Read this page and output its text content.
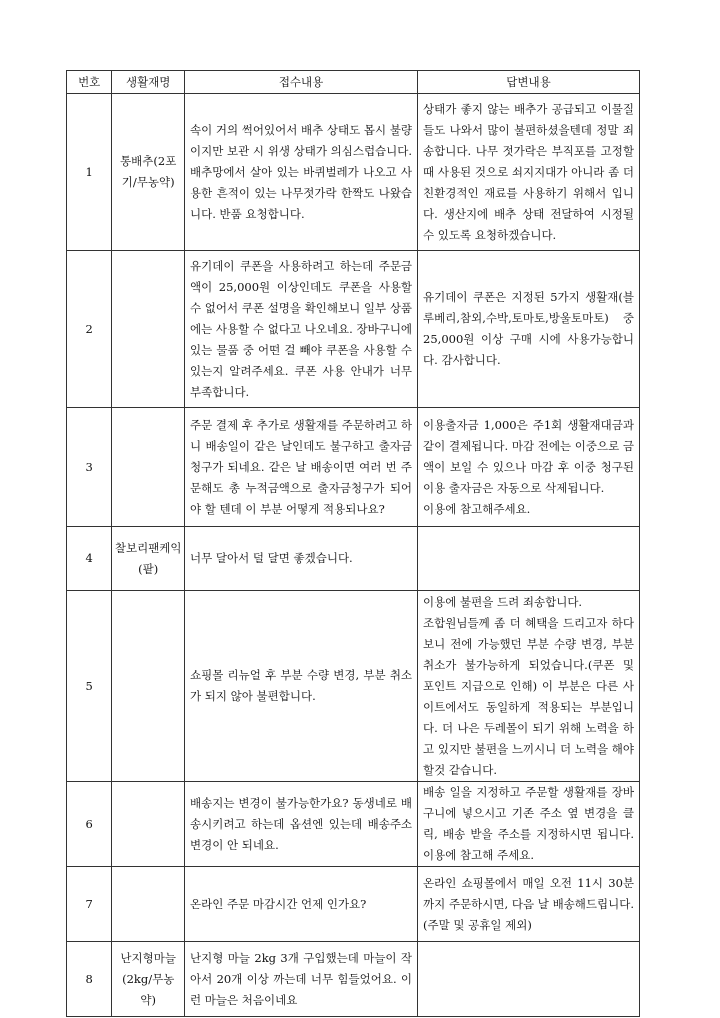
번호	생활재명	접수내용	답변내용
1	통배추(2포기/무농약)	속이 거의 썩어있어서 배추 상태도 몹시 불량이지만 보관 시 위생 상태가 의심스럽습니다. 배추망에서 살아 있는 바퀴벌레가 나오고 사용한 흔적이 있는 나무젓가락 한짝도 나왔습니다. 반품 요청합니다.	상태가 좋지 않는 배추가 공급되고 이물질들도 나와서 많이 불편하셨을텐데 정말 죄송합니다. 나무 젓가락은 부직포를 고정할 때 사용된 것으로 쇠지지대가 아니라 좀 더 친환경적인 재료를 사용하기 위해서 입니다. 생산지에 배추 상태 전달하여 시정될 수 있도록 요청하겠습니다.
2		유기데이 쿠폰을 사용하려고 하는데 주문금액이 25,000원 이상인데도 쿠폰을 사용할 수 없어서 쿠폰 설명을 확인해보니 일부 상품에는 사용할 수 없다고 나오네요. 장바구니에 있는 물품 중 어떤 걸 빼야 쿠폰을 사용할 수 있는지 알려주세요. 쿠폰 사용 안내가 너무 부족합니다.	유기데이 쿠폰은 지정된 5가지 생활재(블루베리,참외,수박,토마토,방울토마토) 중 25,000원 이상 구매 시에 사용가능합니다. 감사합니다.
3		주문 결제 후 추가로 생활재를 주문하려고 하니 배송일이 같은 날인데도 불구하고 출자금 청구가 되네요. 같은 날 배송이면 여러 번 주문해도 총 누적금액으로 출자금청구가 되어야 할 텐데 이 부분 어떻게 적용되나요?	이용출자금 1,000은 주1회 생활재대금과 같이 결제됩니다. 마감 전에는 이중으로 금액이 보일 수 있으나 마감 후 이중 청구된 이용 출자금은 자동으로 삭제됩니다.
이용에 참고해주세요.
4	찰보리팬케익(팥)	너무 달아서 덜 달면 좋겠습니다.	
5		쇼핑몰 리뉴얼 후 부분 수량 변경, 부분 취소가 되지 않아 불편합니다.	이용에 불편을 드려 죄송합니다.
조합원님들께 좀 더 혜택을 드리고자 하다 보니 전에 가능했던 부분 수량 변경, 부분취소가 불가능하게 되었습니다.(쿠폰 및 포인트 지급으로 인해) 이 부분은 다른 사이트에서도 동일하게 적용되는 부분입니다. 더 나은 두레몰이 되기 위해 노력을 하고 있지만 불편을 느끼시니 더 노력을 해야 할것 같습니다.
6		배송지는 변경이 불가능한가요? 동생네로 배송시키려고 하는데 옵션엔 있는데 배송주소 변경이 안 되네요.	배송 일을 지정하고 주문할 생활재를 장바구니에 넣으시고 기존 주소 옆 변경을 클릭, 배송 받을 주소를 지정하시면 됩니다. 이용에 참고해 주세요.
7		온라인 주문 마감시간 언제 인가요?	온라인 쇼핑몰에서 매일 오전 11시 30분까지 주문하시면, 다음 날 배송해드립니다. (주말 및 공휴일 제외)
8	난지형마늘(2kg/무농약)	난지형 마늘 2kg 3개 구입했는데 마늘이 작아서 20개 이상 까는데 너무 힘들었어요. 이런 마늘은 처음이네요	
